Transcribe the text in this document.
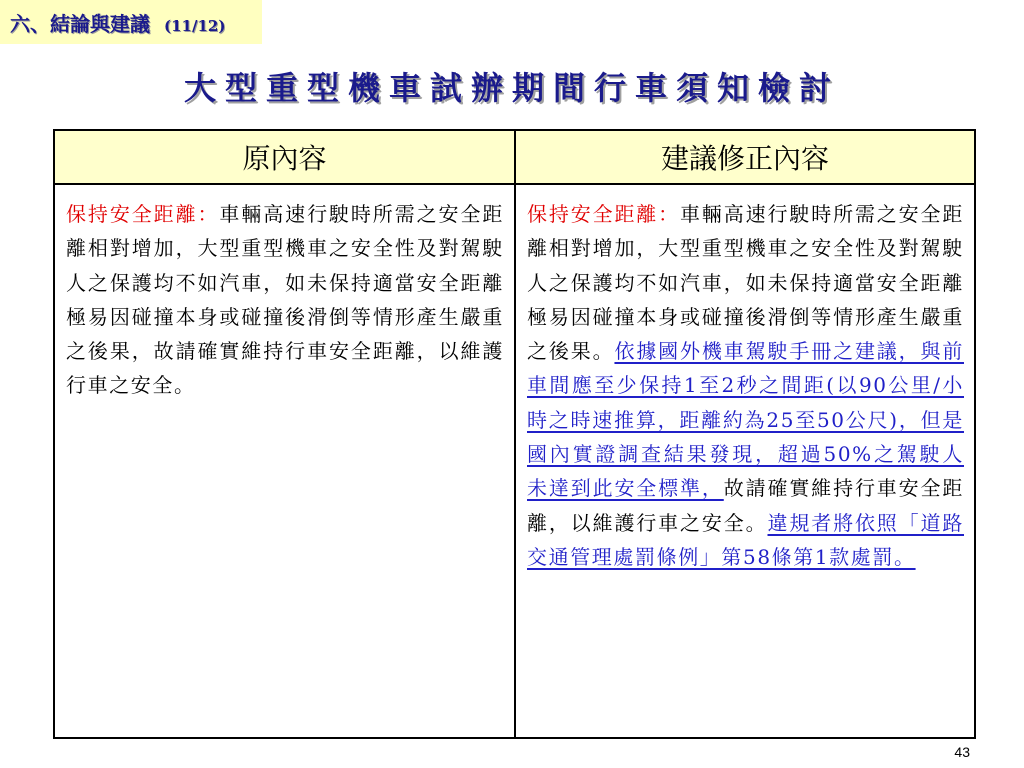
六、結論與建議 (11/12)
大型重型機車試辦期間行車須知檢討
原內容	建議修正內容
保持安全距離：車輛高速行駛時所需之安全距離相對增加，大型重型機車之安全性及對駕駛人之保護均不如汽車，如未保持適當安全距離極易因碰撞本身或碰撞後滑倒等情形產生嚴重之後果，故請確實維持行車安全距離，以維護行車之安全。	保持安全距離：車輛高速行駛時所需之安全距離相對增加，大型重型機車之安全性及對駕駛人之保護均不如汽車，如未保持適當安全距離極易因碰撞本身或碰撞後滑倒等情形產生嚴重之後果。依據國外機車駕駛手冊之建議，與前車間應至少保持1至2秒之間距(以90公里/小時之時速推算，距離約為25至50公尺)，但是國內實證調查結果發現，超過50%之駕駛人未達到此安全標準，故請確實維持行車安全距離，以維護行車之安全。違規者將依照「道路交通管理處罰條例」第58條第1款處罰。
43
